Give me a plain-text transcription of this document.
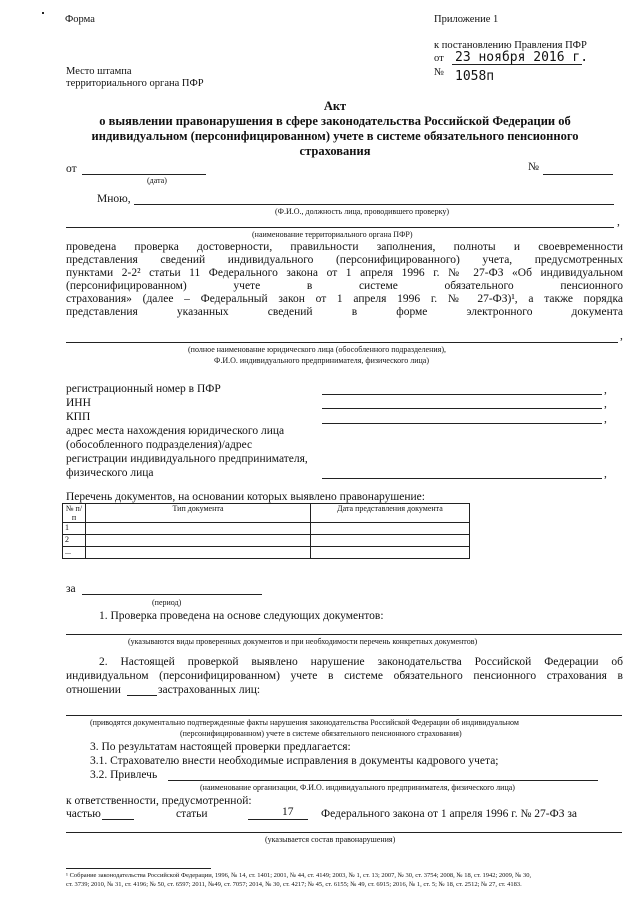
Форма	Приложение 1
к постановлению Правления ПФР
от 23 ноября 2016 г.
№ 1058п
Место штампа
территориального органа ПФР
Акт
о выявлении правонарушения в сфере законодательства Российской Федерации об
индивидуальном (персонифицированном) учете в системе обязательного пенсионного
страхования
от
(дата)
№
Мною,
(Ф.И.О., должность лица, проводившего проверку)
,
(наименование территориального органа ПФР)
проведена проверка достоверности, правильности заполнения, полноты и своевременности
представления сведений индивидуального (персонифицированного) учета, предусмотренных
пунктами 2-2² статьи 11 Федерального закона от 1 апреля 1996 г. № 27-ФЗ «Об индивидуальном
(персонифицированном) учете в системе обязательного пенсионного
страхования» (далее – Федеральный закон от 1 апреля 1996 г. № 27-ФЗ)¹, а также порядка
представления указанных сведений в форме электронного документа
,
(полное наименование юридического лица (обособленного подразделения),
Ф.И.О. индивидуального предпринимателя, физического лица)
регистрационный номер в ПФР	,
ИНН	,
КПП	,
адрес места нахождения юридического лица
(обособленного подразделения)/адрес
регистрации индивидуального предпринимателя,
физического лица	,
Перечень документов, на основании которых выявлено правонарушение:
№ п/п	Тип документа	Дата представления документа
1		
2		
...		
за
(период)
1. Проверка проведена на основе следующих документов:
(указываются виды проверенных документов и при необходимости перечень конкретных документов)
2. Настоящей проверкой выявлено нарушение законодательства Российской Федерации об
индивидуальном (персонифицированном) учете в системе обязательного пенсионного страхования в
отношении	застрахованных лиц:
(приводятся документально подтвержденные факты нарушения законодательства Российской Федерации об индивидуальном
(персонифицированном) учете в системе обязательного пенсионного страхования)
3. По результатам настоящей проверки предлагается:
3.1. Страхователю внести необходимые исправления в документы кадрового учета;
3.2. Привлечь
(наименование организации, Ф.И.О. индивидуального предпринимателя, физического лица)
к ответственности, предусмотренной:
частью	статьи	17 Федерального закона от 1 апреля 1996 г. № 27-ФЗ за
(указывается состав правонарушения)
¹ Собрание законодательства Российской Федерации, 1996, № 14, ст. 1401; 2001, № 44, ст. 4149; 2003, № 1, ст. 13; 2007, № 30, ст. 3754; 2008, № 18, ст. 1942; 2009, № 30,
ст. 3739; 2010, № 31, ст. 4196; № 50, ст. 6597; 2011, №49, ст. 7057; 2014, № 30, ст. 4217; № 45, ст. 6155; № 49, ст. 6915; 2016, № 1, ст. 5; № 18, ст. 2512; № 27, ст. 4183.
